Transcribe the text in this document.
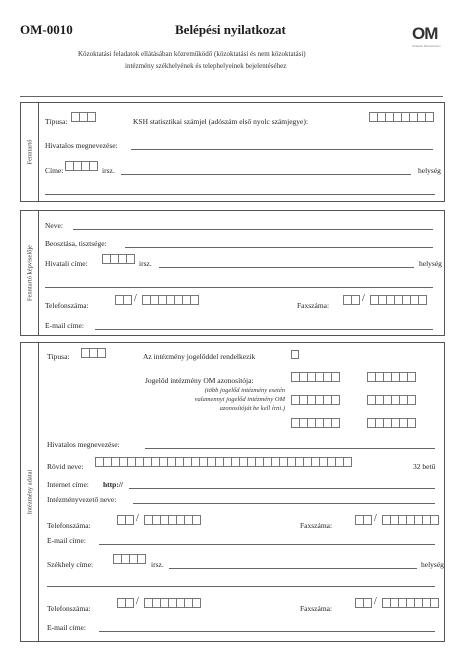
OM-0010	Belépési nyilatkozat
Közoktatási feladatok ellátásában közreműködő (közoktatási és nem közoktatási)
intézmény székhelyének és telephelyeinek bejelentéséhez
OM
Oktatási Minisztérium
Fenntartó
Típusa:	KSH statisztikai számjel (adószám első nyolc számjegye):
Hivatalos megnevezése:
Címe:	irsz.	helység
Fenntartó képviselője
Neve:
Beosztása, tisztsége:
Hivatali címe:	irsz.	helység
Telefonszáma:
/
Faxszáma:
/
E-mail címe:
Intézmény adatai
Típusa:	Az intézmény jogelőddel rendelkezik
Jogelőd intézmény OM azonosítója:
(több jogelőd intézmény esetén
valamennyi jogelőd intézmény OM
azonosítóját be kell írni.)
Hivatalos megnevezése:
Rövid neve:	32 betű
Internet címe: http://
Intézményvezető neve:
Telefonszáma:
/
Faxszáma:
/
E-mail címe:
Székhely címe:	irsz.	helység
Telefonszáma:
/
Faxszáma:
/
E-mail címe:
